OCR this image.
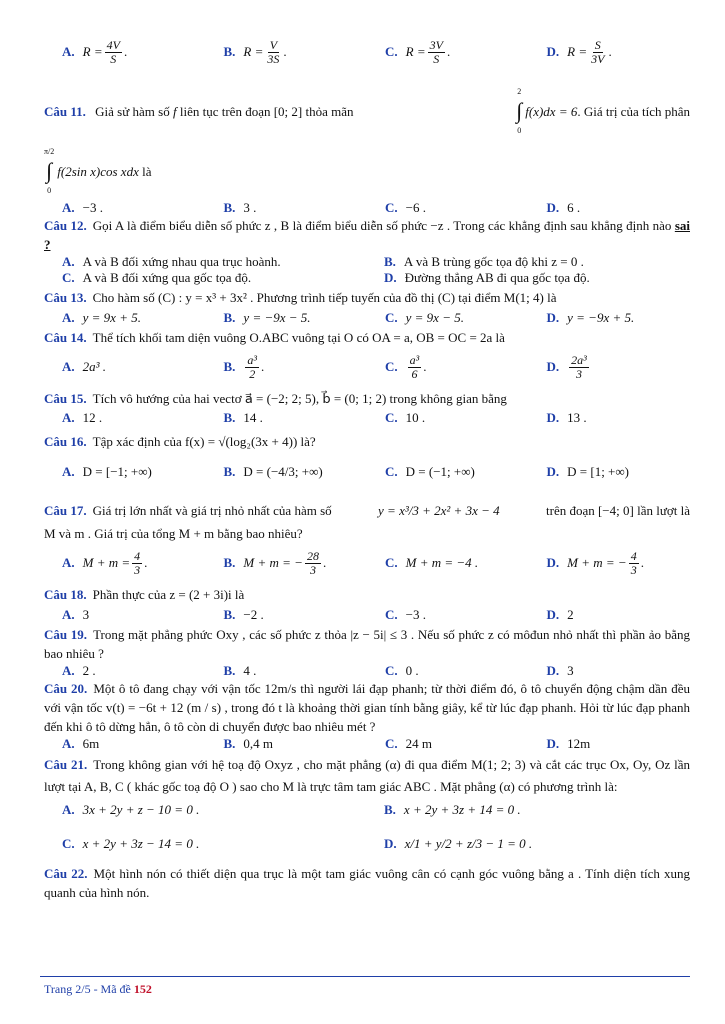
A. $R = \frac{4V}{S}$ .	B. $R = \frac{V}{3S}$ .	C. $R = \frac{3V}{S}$ .	D. $R = \frac{S}{3V}$ .
Câu 11. Giả sử hàm số f liên tục trên đoạn [0; 2] thỏa mãn
2
∫
0
f(x)dx = 6 . Giá trị của tích phân
π/2
∫
0
f(2sin x)cos xdx
là
A. −3 .	B. 3 .	C. −6 .	D. 6 .
Câu 12. Gọi A là điểm biểu diễn số phức z , B là điểm biểu diễn số phức −z . Trong các khẳng định sau khẳng định nào sai ?
A. A và B đối xứng nhau qua trục hoành.	B. A và B trùng gốc tọa độ khi z = 0 .
C. A và B đối xứng qua gốc tọa độ.	D. Đường thẳng AB đi qua gốc tọa độ.
Câu 13. Cho hàm số (C) : y = x³ + 3x² . Phương trình tiếp tuyến của đồ thị (C) tại điểm M(1; 4) là
A. y = 9x + 5.	B. y = −9x − 5.	C. y = 9x − 5.	D. y = −9x + 5.
Câu 14. Thể tích khối tam diện vuông O.ABC vuông tại O có OA = a, OB = OC = 2a là
A. 2a³ .	B. $\frac{\text{a³}}{2}$ .	C. $\frac{\text{a³}}{6}$ .	D. $\frac{\text{2a³}}{3}$
Câu 15. Tích vô hướng của hai vectơ a⃗ = (−2; 2; 5), b⃗ = (0; 1; 2) trong không gian bằng
A. 12 .	B. 14 .	C. 10 .	D. 13 .
Câu 16. Tập xác định của f(x) = √(log₂(3x + 4)) là?
A. D = [−1; +∞)	B. D = (−4/3; +∞)	C. D = (−1; +∞)	D. D = [1; +∞)
Câu 17. Giá trị lớn nhất và giá trị nhỏ nhất của hàm số	y = x³/3 + 2x² + 3x − 4	trên đoạn [−4; 0] lần lượt là
M và m . Giá trị của tổng M + m bằng bao nhiêu?
A. $M + m = \frac{4}{3}$ .	B. M + m = − $\frac{28}{3}$ .	C. M + m = −4 .	D. M + m = − $\frac{4}{3}$ .
Câu 18. Phần thực của z = (2 + 3i)i là
A. 3	B. −2 .	C. −3 .	D. 2
Câu 19. Trong mặt phẳng phức Oxy , các số phức z thỏa |z − 5i| ≤ 3 . Nếu số phức z có môđun nhỏ nhất thì phần ảo bằng bao nhiêu ?
A. 2 .	B. 4 .	C. 0 .	D. 3
Câu 20. Một ô tô đang chạy với vận tốc 12m/s thì người lái đạp phanh; từ thời điểm đó, ô tô chuyển động chậm dần đều với vận tốc v(t) = −6t + 12 (m / s) , trong đó t là khoảng thời gian tính bằng giây, kể từ lúc đạp phanh. Hỏi từ lúc đạp phanh đến khi ô tô dừng hẳn, ô tô còn di chuyển được bao nhiêu mét ?
A. 6m	B. 0,4 m	C. 24 m	D. 12m
Câu 21. Trong không gian với hệ toạ độ Oxyz , cho mặt phẳng (α) đi qua điểm M(1; 2; 3) và cắt các trục Ox, Oy, Oz lần lượt tại A, B, C ( khác gốc toạ độ O ) sao cho M là trực tâm tam giác ABC . Mặt phẳng (α) có phương trình là:
A. 3x + 2y + z − 10 = 0 .	B. x + 2y + 3z + 14 = 0 .
C. x + 2y + 3z − 14 = 0 .	D. x/1 + y/2 + z/3 − 1 = 0 .
Câu 22. Một hình nón có thiết diện qua trục là một tam giác vuông cân có cạnh góc vuông bằng a . Tính diện tích xung quanh của hình nón.
Trang 2/5 - Mã đề 152
